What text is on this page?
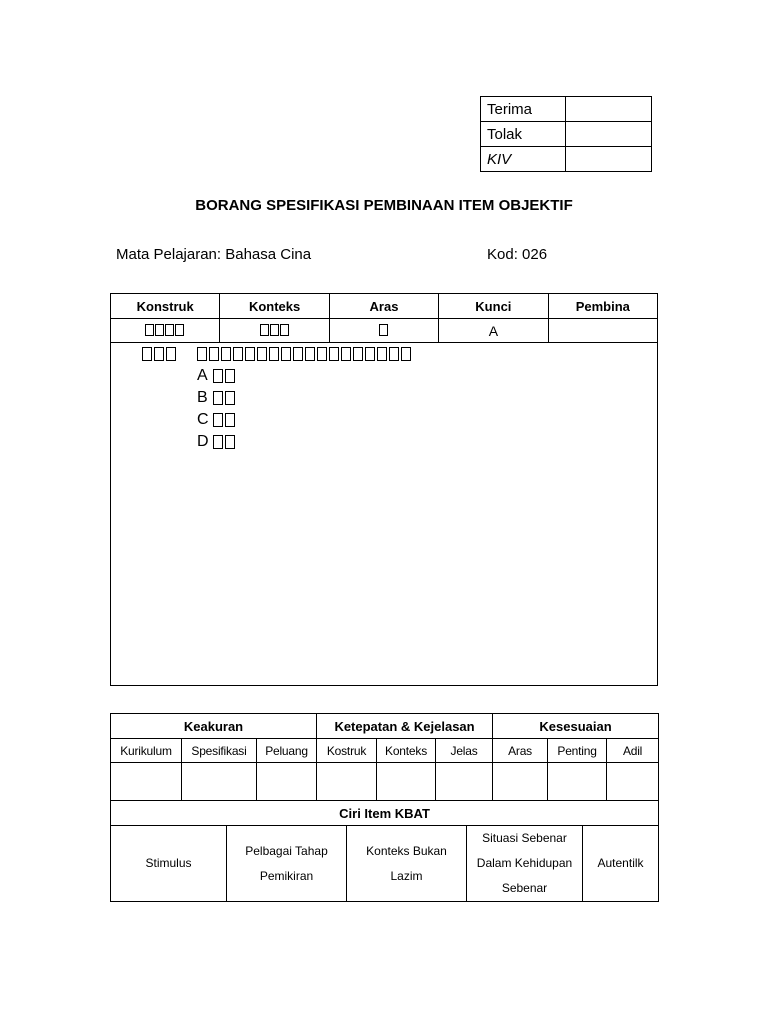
Terima	
Tolak	
KIV	
BORANG SPESIFIKASI PEMBINAAN ITEM OBJEKTIF
Mata Pelajaran: Bahasa Cina	Kod: 026
Konstruk	Konteks	Aras	Kunci	Pembina
			A	

A
B
C
D				
Keakuran	Ketepatan & Kejelasan	Kesesuaian
Kurikulum	Spesifikasi	Peluang	Kostruk	Konteks	Jelas	Aras	Penting	Adil

Ciri Item KBAT

Stimulus	Pelbagai Tahap Pemikiran	Konteks Bukan Lazim	Situasi Sebenar Dalam Kehidupan Sebenar	Autentilk
